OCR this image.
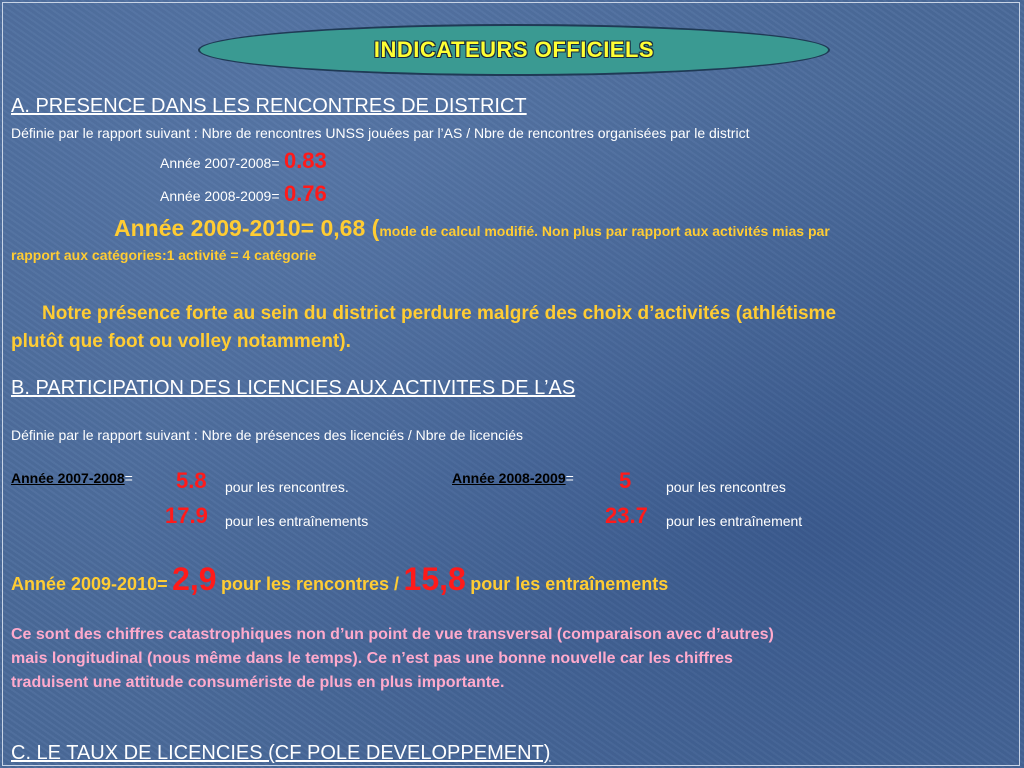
INDICATEURS OFFICIELS
A. PRESENCE DANS LES RENCONTRES DE DISTRICT
Définie par le rapport suivant : Nbre de rencontres UNSS jouées par l’AS / Nbre de rencontres organisées par le district
Année 2007-2008= 0.83
Année 2008-2009= 0.76
Année 2009-2010= 0,68 (mode de calcul modifié. Non plus par rapport aux activités mias par
rapport aux catégories:1 activité = 4 catégorie
Notre présence forte au sein du district perdure malgré des choix d’activités (athlétisme
plutôt que foot ou volley notamment).
B. PARTICIPATION DES LICENCIES AUX ACTIVITES DE L’AS
Définie par le rapport suivant : Nbre de présences des licenciés / Nbre de licenciés
Année 2007-2008= 5.8 pour les rencontres.
Année 2008-2009= 5 pour les rencontres
17.9 pour les entraînements	23.7 pour les entraînement
Année 2009-2010= 2,9 pour les rencontres / 15,8 pour les entraînements
Ce sont des chiffres catastrophiques non d’un point de vue transversal (comparaison avec d’autres)
mais longitudinal (nous même dans le temps). Ce n’est pas une bonne nouvelle car les chiffres
traduisent une attitude consumériste de plus en plus importante.
C. LE TAUX DE LICENCIES (CF POLE DEVELOPPEMENT)
